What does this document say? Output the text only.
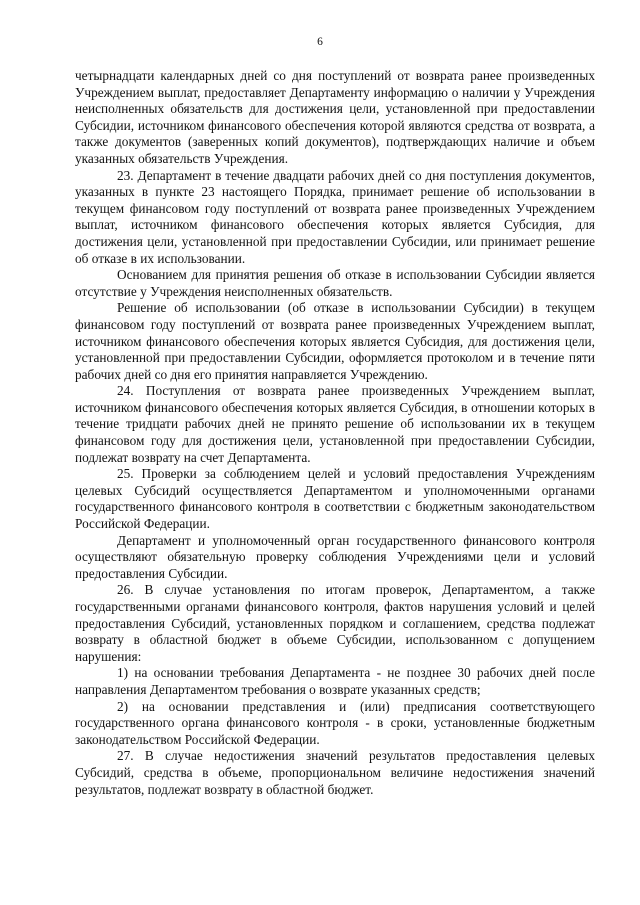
6

четырнадцати календарных дней со дня поступлений от возврата ранее произведенных Учреждением выплат, предоставляет Департаменту информацию о наличии у Учреждения неисполненных обязательств для достижения цели, установленной при предоставлении Субсидии, источником финансового обеспечения которой являются средства от возврата, а также документов (заверенных копий документов), подтверждающих наличие и объем указанных обязательств Учреждения.

23. Департамент в течение двадцати рабочих дней со дня поступления документов, указанных в пункте 23 настоящего Порядка, принимает решение об использовании в текущем финансовом году поступлений от возврата ранее произведенных Учреждением выплат, источником финансового обеспечения которых является Субсидия, для достижения цели, установленной при предоставлении Субсидии, или принимает решение об отказе в их использовании.

Основанием для принятия решения об отказе в использовании Субсидии является отсутствие у Учреждения неисполненных обязательств.

Решение об использовании (об отказе в использовании Субсидии) в текущем финансовом году поступлений от возврата ранее произведенных Учреждением выплат, источником финансового обеспечения которых является Субсидия, для достижения цели, установленной при предоставлении Субсидии, оформляется протоколом и в течение пяти рабочих дней со дня его принятия направляется Учреждению.

24. Поступления от возврата ранее произведенных Учреждением выплат, источником финансового обеспечения которых является Субсидия, в отношении которых в течение тридцати рабочих дней не принято решение об использовании их в текущем финансовом году для достижения цели, установленной при предоставлении Субсидии, подлежат возврату на счет Департамента.

25. Проверки за соблюдением целей и условий предоставления Учреждениям целевых Субсидий осуществляется Департаментом и уполномоченными органами государственного финансового контроля в соответствии с бюджетным законодательством Российской Федерации.

Департамент и уполномоченный орган государственного финансового контроля осуществляют обязательную проверку соблюдения Учреждениями цели и условий предоставления Субсидии.

26. В случае установления по итогам проверок, Департаментом, а также государственными органами финансового контроля, фактов нарушения условий и целей предоставления Субсидий, установленных порядком и соглашением, средства подлежат возврату в областной бюджет в объеме Субсидии, использованном с допущением нарушения:

1) на основании требования Департамента - не позднее 30 рабочих дней после направления Департаментом требования о возврате указанных средств;

2) на основании представления и (или) предписания соответствующего государственного органа финансового контроля - в сроки, установленные бюджетным законодательством Российской Федерации.

27. В случае недостижения значений результатов предоставления целевых Субсидий, средства в объеме, пропорциональном величине недостижения значений результатов, подлежат возврату в областной бюджет.
